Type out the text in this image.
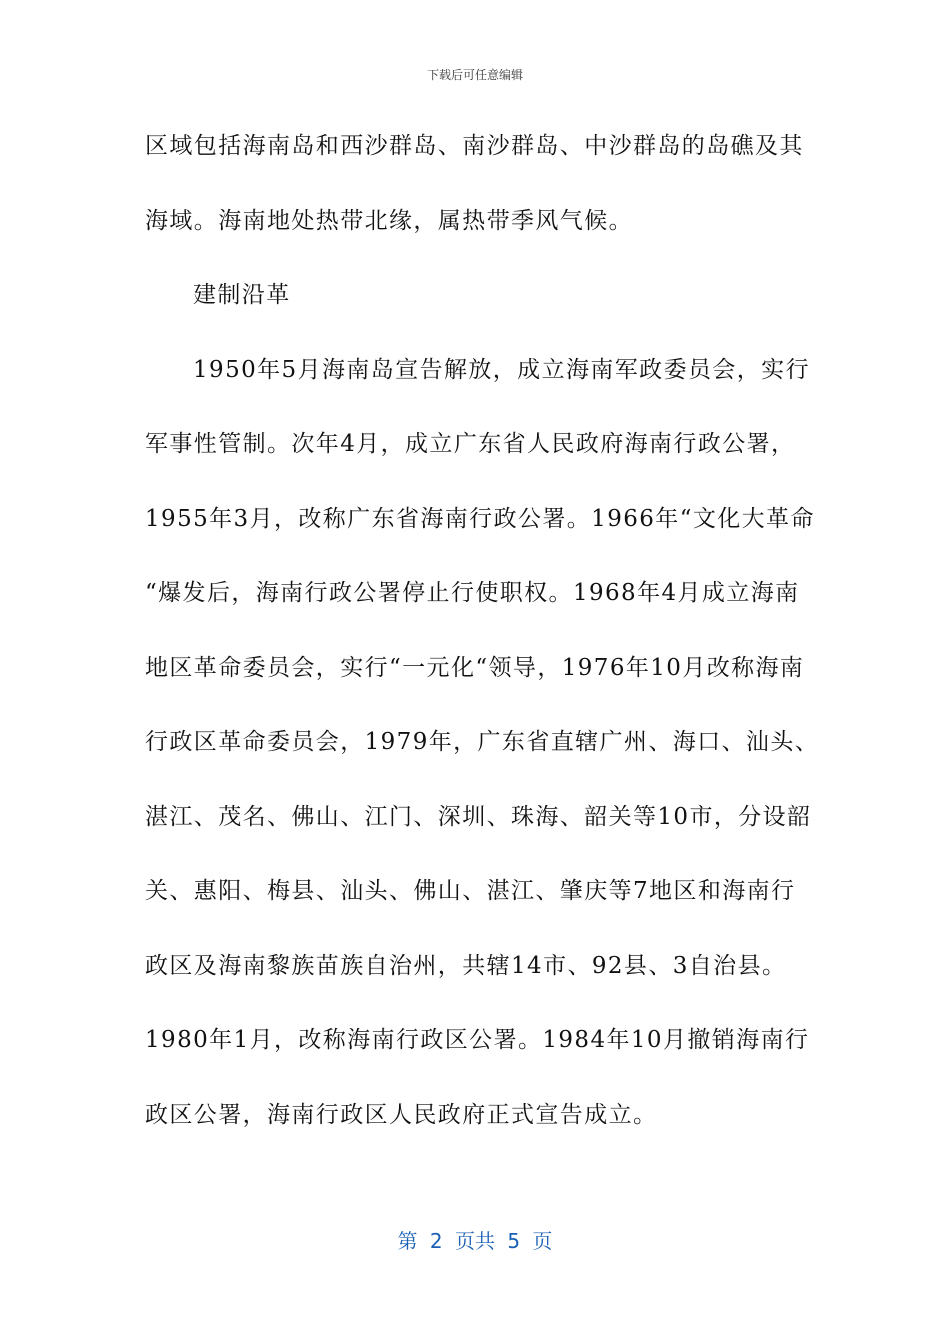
下载后可任意编辑
区域包括海南岛和西沙群岛、南沙群岛、中沙群岛的岛礁及其
海域。海南地处热带北缘，属热带季风气候。
建制沿革
1950年5月海南岛宣告解放，成立海南军政委员会，实行
军事性管制。次年4月，成立广东省人民政府海南行政公署，
1955年3月，改称广东省海南行政公署。1966年“文化大革命
“爆发后，海南行政公署停止行使职权。1968年4月成立海南
地区革命委员会，实行“一元化“领导，1976年10月改称海南
行政区革命委员会，1979年，广东省直辖广州、海口、汕头、
湛江、茂名、佛山、江门、深圳、珠海、韶关等10市，分设韶
关、惠阳、梅县、汕头、佛山、湛江、肇庆等7地区和海南行
政区及海南黎族苗族自治州，共辖14市、92县、3自治县。
1980年1月，改称海南行政区公署。1984年10月撤销海南行
政区公署，海南行政区人民政府正式宣告成立。
第 2 页共 5 页
